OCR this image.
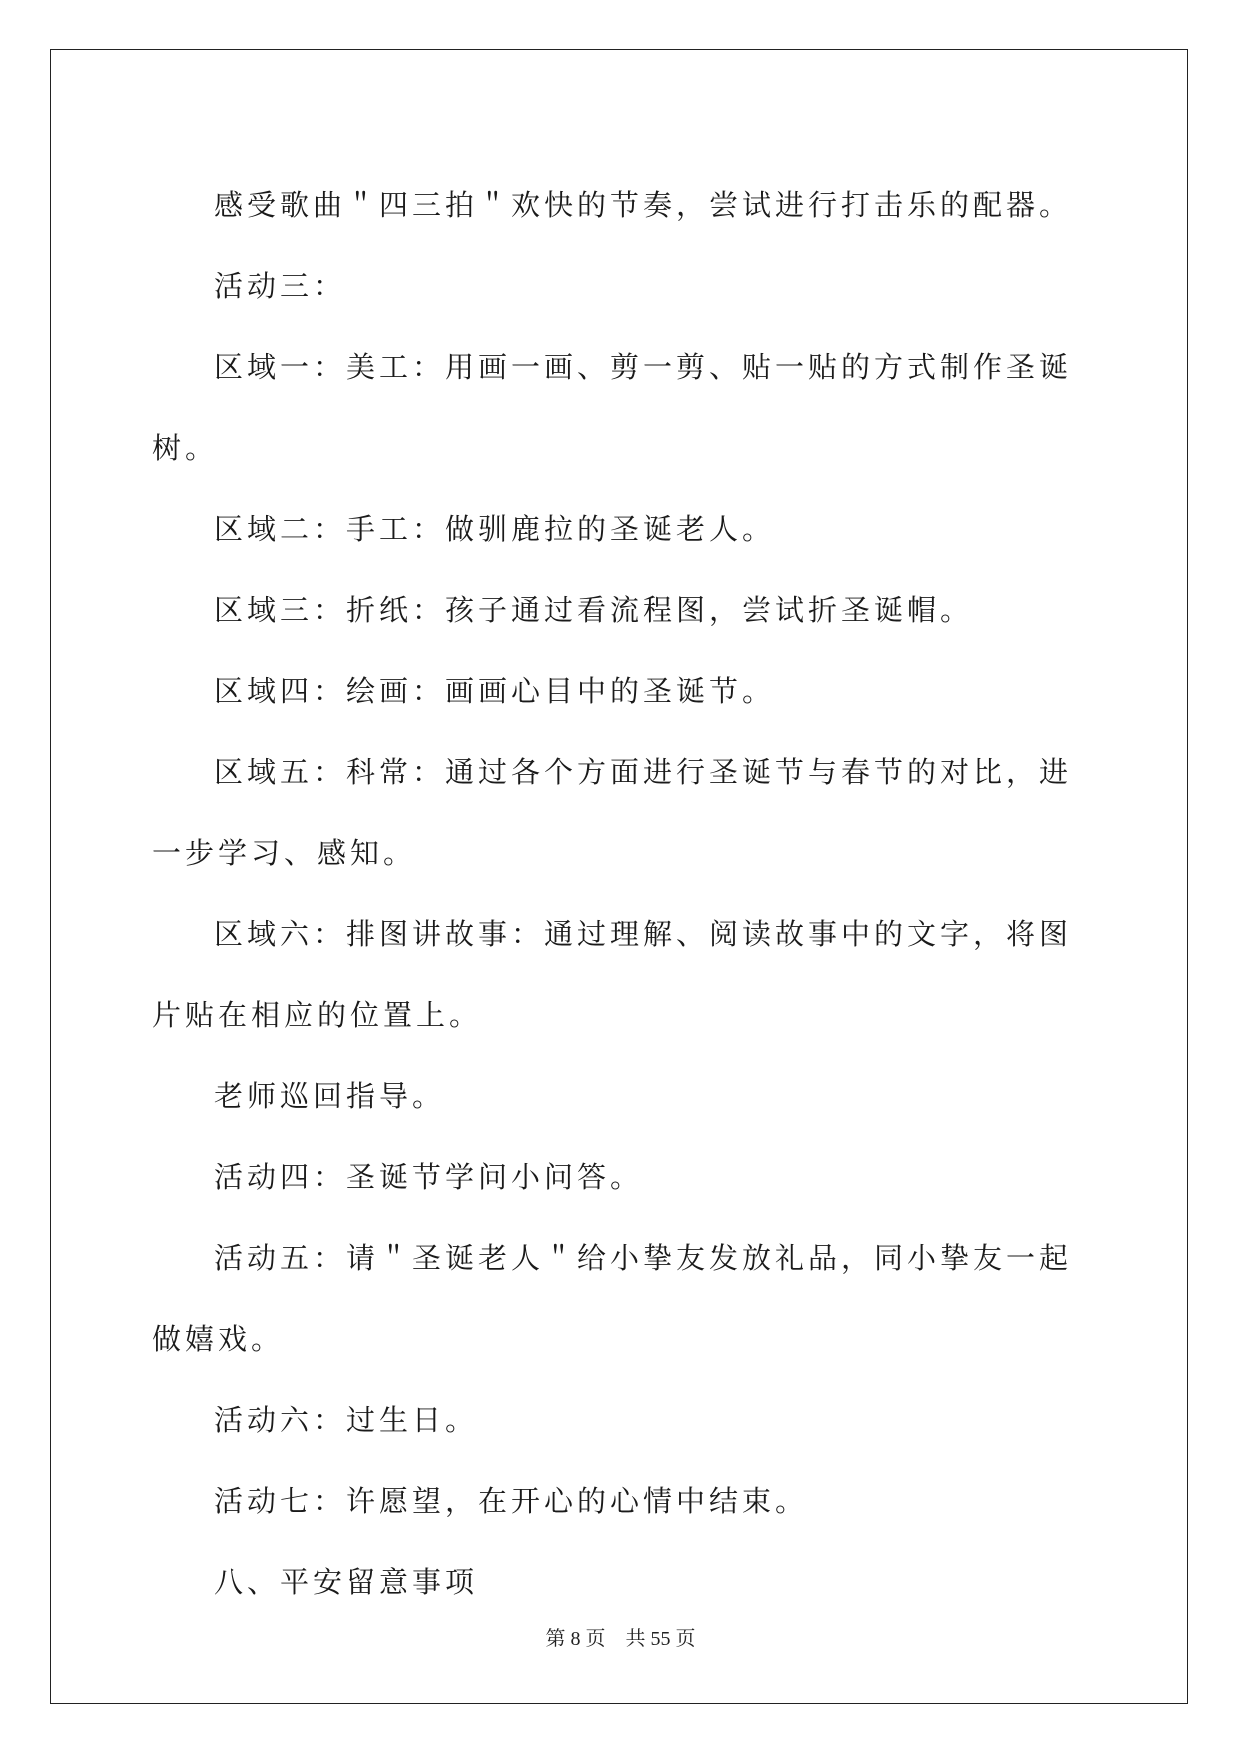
感受歌曲＂四三拍＂欢快的节奏，尝试进行打击乐的配器。

活动三：

区域一：美工：用画一画、剪一剪、贴一贴的方式制作圣诞树。

区域二：手工：做驯鹿拉的圣诞老人。

区域三：折纸：孩子通过看流程图，尝试折圣诞帽。

区域四：绘画：画画心目中的圣诞节。

区域五：科常：通过各个方面进行圣诞节与春节的对比，进一步学习、感知。

区域六：排图讲故事：通过理解、阅读故事中的文字，将图片贴在相应的位置上。

老师巡回指导。

活动四：圣诞节学问小问答。

活动五：请＂圣诞老人＂给小挚友发放礼品，同小挚友一起做嬉戏。

活动六：过生日。

活动七：许愿望，在开心的心情中结束。

八、平安留意事项

第 8 页 共 55 页
